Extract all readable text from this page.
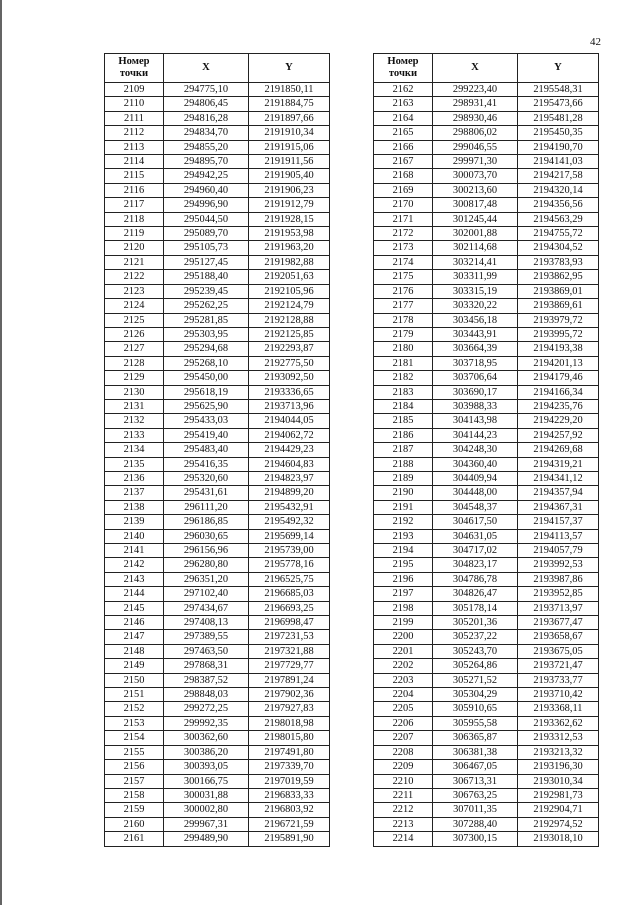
42
Номер
точки	X	Y
2109	294775,10	2191850,11
2110	294806,45	2191884,75
2111	294816,28	2191897,66
2112	294834,70	2191910,34
2113	294855,20	2191915,06
2114	294895,70	2191911,56
2115	294942,25	2191905,40
2116	294960,40	2191906,23
2117	294996,90	2191912,79
2118	295044,50	2191928,15
2119	295089,70	2191953,98
2120	295105,73	2191963,20
2121	295127,45	2191982,88
2122	295188,40	2192051,63
2123	295239,45	2192105,96
2124	295262,25	2192124,79
2125	295281,85	2192128,88
2126	295303,95	2192125,85
2127	295294,68	2192293,87
2128	295268,10	2192775,50
2129	295450,00	2193092,50
2130	295618,19	2193336,65
2131	295625,90	2193713,96
2132	295433,03	2194044,05
2133	295419,40	2194062,72
2134	295483,40	2194429,23
2135	295416,35	2194604,83
2136	295320,60	2194823,97
2137	295431,61	2194899,20
2138	296111,20	2195432,91
2139	296186,85	2195492,32
2140	296030,65	2195699,14
2141	296156,96	2195739,00
2142	296280,80	2195778,16
2143	296351,20	2196525,75
2144	297102,40	2196685,03
2145	297434,67	2196693,25
2146	297408,13	2196998,47
2147	297389,55	2197231,53
2148	297463,50	2197321,88
2149	297868,31	2197729,77
2150	298387,52	2197891,24
2151	298848,03	2197902,36
2152	299272,25	2197927,83
2153	299992,35	2198018,98
2154	300362,60	2198015,80
2155	300386,20	2197491,80
2156	300393,05	2197339,70
2157	300166,75	2197019,59
2158	300031,88	2196833,33
2159	300002,80	2196803,92
2160	299967,31	2196721,59
2161	299489,90	2195891,90
Номер
точки	X	Y
2162	299223,40	2195548,31
2163	298931,41	2195473,66
2164	298930,46	2195481,28
2165	298806,02	2195450,35
2166	299046,55	2194190,70
2167	299971,30	2194141,03
2168	300073,70	2194217,58
2169	300213,60	2194320,14
2170	300817,48	2194356,56
2171	301245,44	2194563,29
2172	302001,88	2194755,72
2173	302114,68	2194304,52
2174	303214,41	2193783,93
2175	303311,99	2193862,95
2176	303315,19	2193869,01
2177	303320,22	2193869,61
2178	303456,18	2193979,72
2179	303443,91	2193995,72
2180	303664,39	2194193,38
2181	303718,95	2194201,13
2182	303706,64	2194179,46
2183	303690,17	2194166,34
2184	303988,33	2194235,76
2185	304143,98	2194229,20
2186	304144,23	2194257,92
2187	304248,30	2194269,68
2188	304360,40	2194319,21
2189	304409,94	2194341,12
2190	304448,00	2194357,94
2191	304548,37	2194367,31
2192	304617,50	2194157,37
2193	304631,05	2194113,57
2194	304717,02	2194057,79
2195	304823,17	2193992,53
2196	304786,78	2193987,86
2197	304826,47	2193952,85
2198	305178,14	2193713,97
2199	305201,36	2193677,47
2200	305237,22	2193658,67
2201	305243,70	2193675,05
2202	305264,86	2193721,47
2203	305271,52	2193733,77
2204	305304,29	2193710,42
2205	305910,65	2193368,11
2206	305955,58	2193362,62
2207	306365,87	2193312,53
2208	306381,38	2193213,32
2209	306467,05	2193196,30
2210	306713,31	2193010,34
2211	306763,25	2192981,73
2212	307011,35	2192904,71
2213	307288,40	2192974,52
2214	307300,15	2193018,10
